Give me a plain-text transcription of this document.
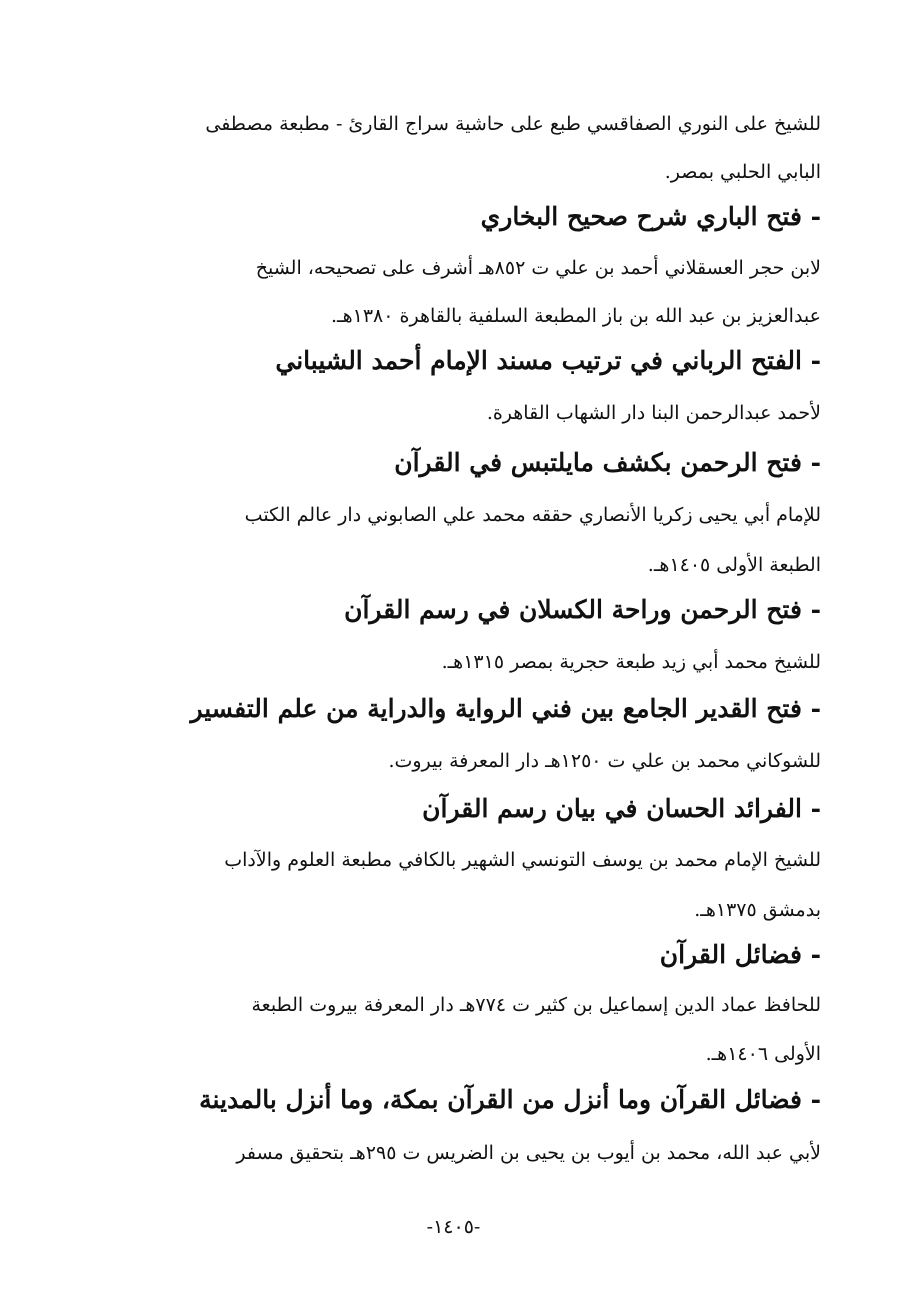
للشيخ على النوري الصفاقسي طبع على حاشية سراج القارئ - مطبعة مصطفى
البابي الحلبي بمصر.
- فتح الباري شرح صحيح البخاري
لابن حجر العسقلاني أحمد بن علي ت ٨٥٢هـ أشرف على تصحيحه، الشيخ
عبدالعزيز بن عبد الله بن باز المطبعة السلفية بالقاهرة ١٣٨٠هـ.
- الفتح الرباني في ترتيب مسند الإمام أحمد الشيباني
لأحمد عبدالرحمن البنا دار الشهاب القاهرة.
- فتح الرحمن بكشف مايلتبس في القرآن
للإمام أبي يحيى زكريا الأنصاري حققه محمد علي الصابوني دار عالم الكتب
الطبعة الأولى ١٤٠٥هـ.
- فتح الرحمن وراحة الكسلان في رسم القرآن
للشيخ محمد أبي زيد طبعة حجرية بمصر ١٣١٥هـ.
- فتح القدير الجامع بين فني الرواية والدراية من علم التفسير
للشوكاني محمد بن علي ت ١٢٥٠هـ دار المعرفة بيروت.
- الفرائد الحسان في بيان رسم القرآن
للشيخ الإمام محمد بن يوسف التونسي الشهير بالكافي مطبعة العلوم والآداب
بدمشق ١٣٧٥هـ.
- فضائل القرآن
للحافظ عماد الدين إسماعيل بن كثير ت ٧٧٤هـ دار المعرفة بيروت الطبعة
الأولى ١٤٠٦هـ.
- فضائل القرآن وما أنزل من القرآن بمكة، وما أنزل بالمدينة
لأبي عبد الله، محمد بن أيوب بن يحيى بن الضريس ت ٢٩٥هـ بتحقيق مسفر
-١٤٠٥-
